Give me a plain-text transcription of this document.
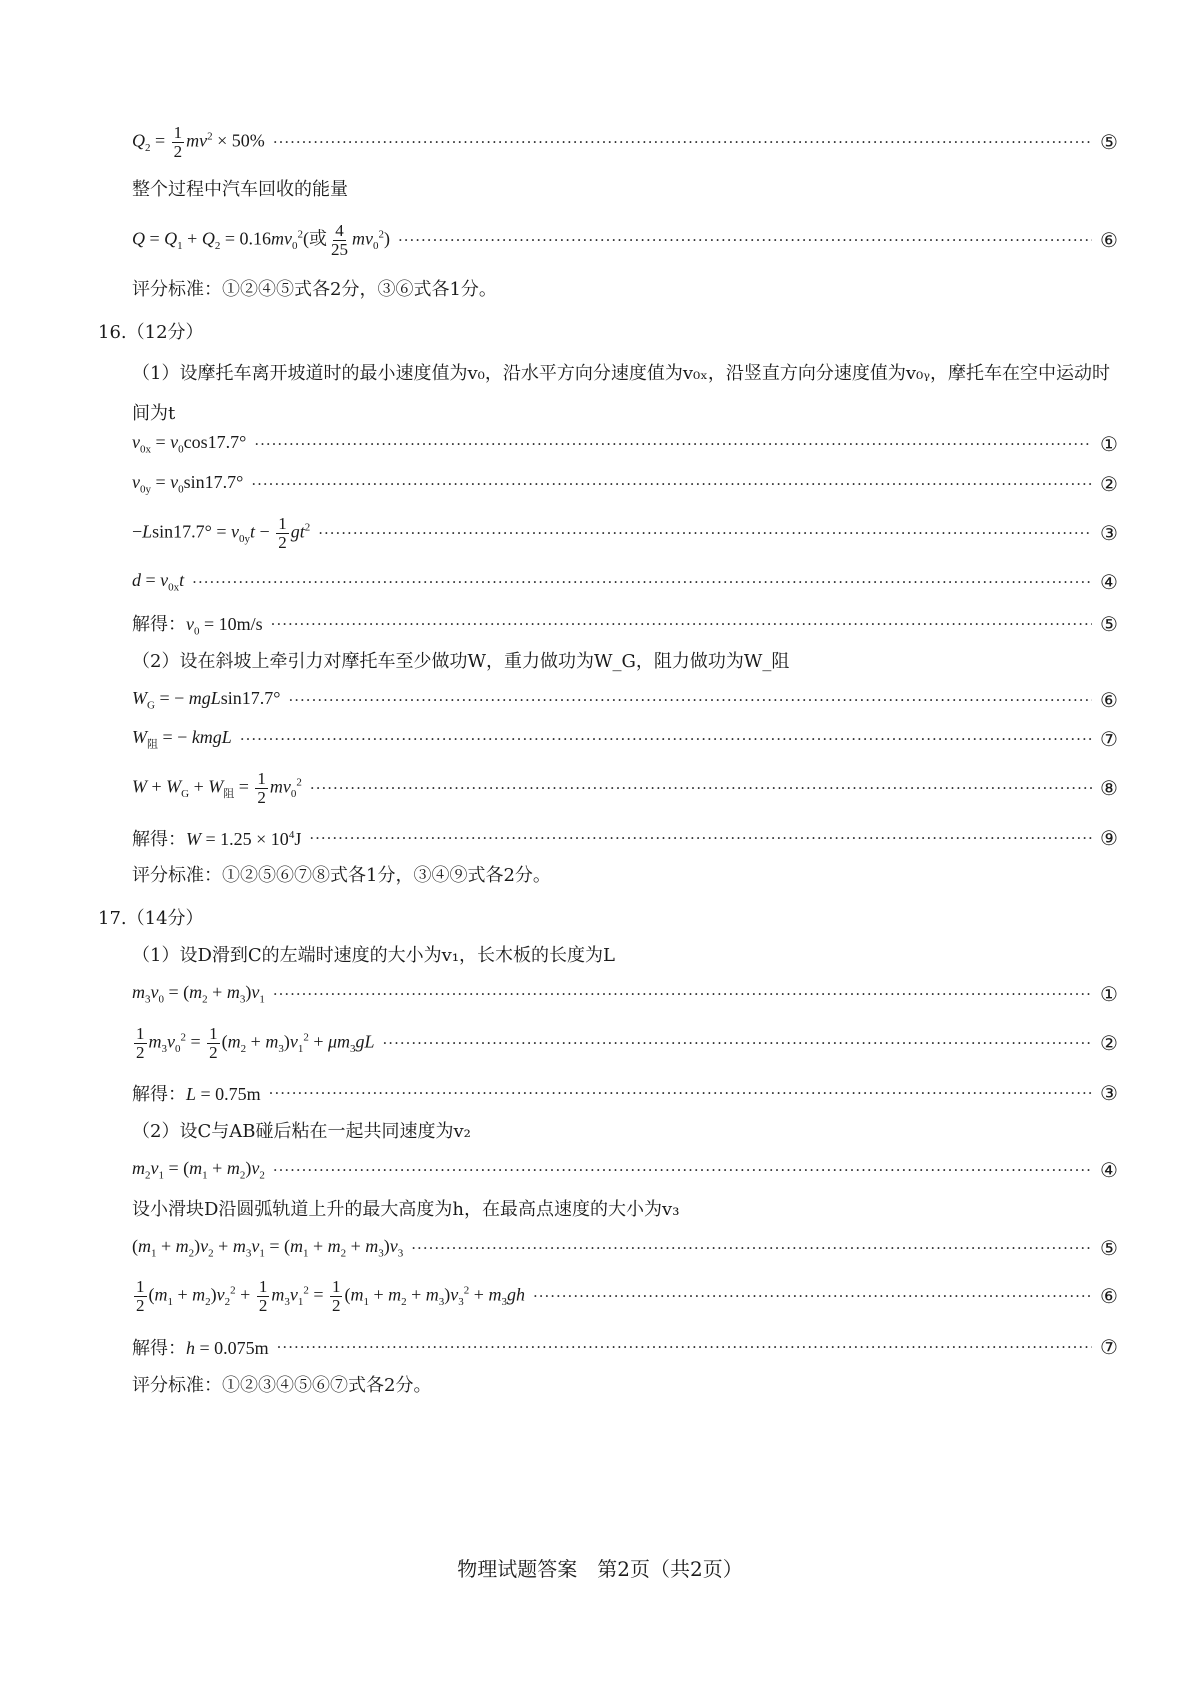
$Q_2 = \frac{1}{2} mv^2 \times 50\%$ ·····	⑤
整个过程中汽车回收的能量
$Q = Q_1 + Q_2 = 0.16mv_0^2$(或 $\frac{4}{25} mv_0^2$) ·····	⑥
评分标准：①②④⑤式各2分，③⑥式各1分。
16.（12分）
（1）设摩托车离开坡道时的最小速度值为v₀，沿水平方向分速度值为v₀ₓ，沿竖直方向分速度值为v₀ᵧ，摩托车在空中运动时间为t
$v_{0x} = v_0\cos 17.7^\circ$ ·····	①
$v_{0y} = v_0\sin 17.7^\circ$ ·····	②
$-Lsin17.7^\circ = v_{0y}t - \frac{1}{2} gt^2$ ·····	③
$d = v_{0x}t$ ·····	④
解得：$v_0 = 10m/s$ ·····	⑤
（2）设在斜坡上牵引力对摩托车至少做功W，重力做功为W_G，阻力做功为W_阻
$W_G$ = − mgLsin17.7° ·····	⑥
$W_阻$ = − kmgL ·····	⑦
$W + W_G + W_阻 = \frac{1}{2} mv_0^2$ ·····	⑧
解得：$W = 1.25 \times 10^4J$ ·····	⑨
评分标准：①②⑤⑥⑦⑧式各1分，③④⑨式各2分。
17.（14分）
（1）设D滑到C的左端时速度的大小为v₁，长木板的长度为L
$m_3v_0 = (m_2 + m_3)v_1$ ·····	①
$\frac{1}{2} m_3v_0^2 = \frac{1}{2} (m_2 + m_3)v_1^2 + \mu m_3gL$ ·····	②
解得：L = 0.75m ·····	③
（2）设C与AB碰后粘在一起共同速度为v₂
$m_2v_1 = (m_1 + m_2)v_2$ ·····	④
设小滑块D沿圆弧轨道上升的最大高度为h，在最高点速度的大小为v₃
$(m_1 + m_2)v_2 + m_3v_1 = (m_1 + m_2 + m_3)v_3$ ·····	⑤
$\frac{1}{2} (m_1 + m_2)v_2^2 + \frac{1}{2} m_3v_1^2 = \frac{1}{2} (m_1 + m_2 + m_3)v_3^2 + m_3gh$ ·····	⑥
解得：h = 0.075m ·····	⑦
评分标准：①②③④⑤⑥⑦式各2分。
物理试题答案　第2页（共2页）
